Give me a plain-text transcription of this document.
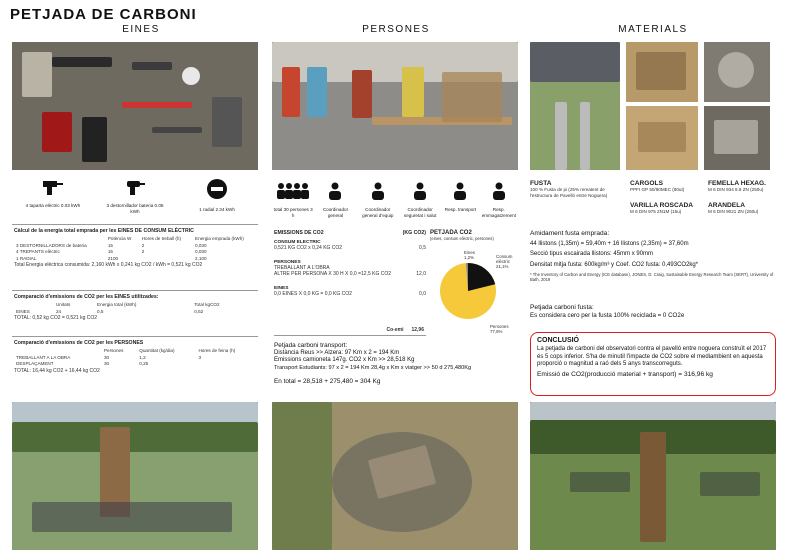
PETJADA DE CARBONI
EINES	PERSONES	MATERIALS
4 taparta elèctric 0.03 kWh	3 destornillador bateria 0.05 kWh	1 radial 2.34 kWh
Càlcul de la energia total emprada per les EINES DE CONSUM ELÈCTRIC
	Potència W	Hores de treball (h)	Energia emprada (kWh)
3 DESTORNILLADORS de bateria	15	2	0,030
4 TREPANTS elèctric	15	2	0,030
1 RADIAL	2100		2,100
Total Energia elèctrica consumida: 2,160 kWh x 0,241 kg CO2 / kWh = 0,521 kg CO2
Comparació d'emissions de CO2 per les EINES utilitzades:
	Unitats	Energia total (kWh)	Total kgCO2
EINES	24	0,5	0,52
TOTAL: 0,52 kg CO2 = 0,521 kg CO2
Comparació d'emissions de CO2 per les PERSONES
	Persones	Quantitat (kg/dia)	Hores de feina (h)
TREBALLANT A LA OBRA	30	1,2	3
DESPLAÇAMENT	30	0,25	
TOTAL: 16,44 kg CO2 + 16,44 kg CO2
total 30 persones 3 h
Coordinador general
Coordinador general d'equip
Coordinador seguretat i salut
Resp. transport	Resp. emmagatzement
EMISSIONS DE CO2	(KG CO2)
CONSUM ELECTRIC
0,521 KG CO2 x 0,24 KG CO2	0,5
PERSONES
TREBALLANT A L'OBRA
ALTRE PER PERSONA X 30 H X 0,0 =12,5 KG CO2	12,0
EINES
0,0 EINES X 0,0 KG = 0,0 KG CO2	0,0
Co-emi 12,96
PETJADA CO2
(eines, consum elèctric, persones)
Eines
1,2%	Consum elèctric
21,1%
Persones
77,6%
Petjada carboni transport:
Distància Reus >> Alzera: 97 Km x 2 = 194 Km
Emissions camioneta 147g. CO2 x Km >> 28,518 Kg
Transport Estudiants: 97 x 2 = 194 Km 28,4g x Km x viatger >> 50 d 275,480Kg
En total = 28,518 + 275,480 = 304 Kg
FUSTA
100 % Fusta de pi (25% rematent de l'estructura de Pavelló entre Noguera)
CARGOLS
PPFI GP 50/90MEC (80ut)
FEMELLA HEXAG.
M 6 DIN 934 8.8 ZN (250u)
VARILLA ROSCADA
M 6 DIN 975 2N1M (15u)
ARANDELA
M 6 DIN 9021 ZN (250u)
Amidament fusta emprada:
44 llistons (1,35m) = 59,40m + 16 llistons (2,35m) = 37,60m
Secció tipus escairada llistons: 45mm x 90mm
Densitat mitja fusta: 600kg/m³ y Coef. CO2 fusta: 0,493CO2kg*
* The Inventory of Carbon and Energy (ICE database), JONES, D. Craig, Sustainable Energy Research Team (SERT), University of Bath, 2019
Petjada carboni fusta:
Es considera cero per la fusta 100% reciclada = 0 CO2e
CONCLUSIÓ

La petjada de carboni del observatori contra el pavelló entre noguera construït el 2017 és 5 cops inferior. S'ha de minutil l'impacte de CO2 sobre el mediambient en aquesta proporció o magnitud a raó dels 5 anys transcorreguts.

Emissió de CO2(producció material + transport) = 316,96 kg
